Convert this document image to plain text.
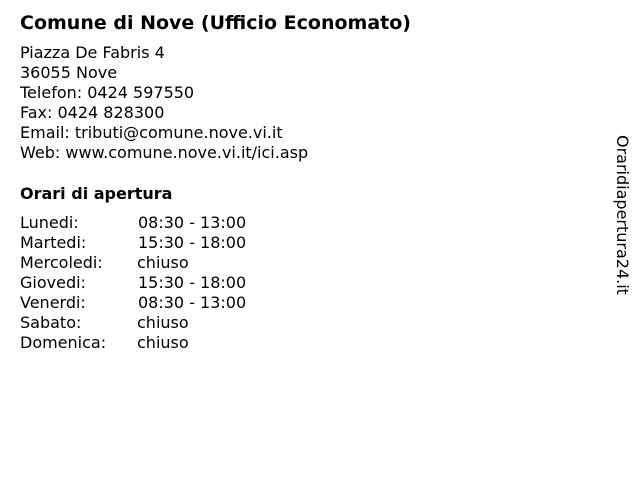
Comune di Nove (Ufficio Economato)
Piazza De Fabris 4
36055 Nove
Telefon: 0424 597550
Fax: 0424 828300
Email: tributi@comune.nove.vi.it
Web: www.comune.nove.vi.it/ici.asp
Orari di apertura
Lunedi:	08:30 - 13:00
Martedi:	15:30 - 18:00
Mercoledi: chiuso
Giovedi:	15:30 - 18:00
Venerdi:	08:30 - 13:00
Sabato:	chiuso
Domenica: chiuso
Oraridiapertura24.it
